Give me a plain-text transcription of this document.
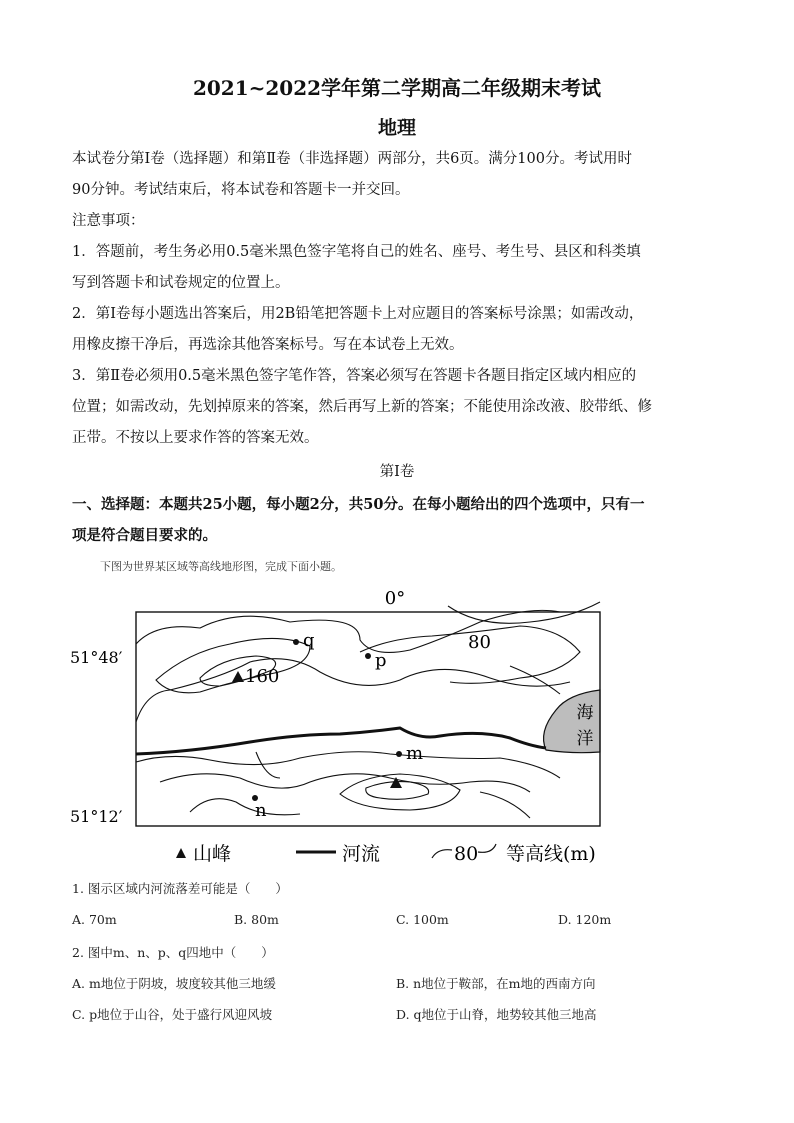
2021~2022学年第二学期高二年级期末考试
地理
本试卷分第Ⅰ卷（选择题）和第Ⅱ卷（非选择题）两部分，共6页。满分100分。考试用时
90分钟。考试结束后，将本试卷和答题卡一并交回。
注意事项：
1．答题前，考生务必用0.5毫米黑色签字笔将自己的姓名、座号、考生号、县区和科类填
写到答题卡和试卷规定的位置上。
2．第Ⅰ卷每小题选出答案后，用2B铅笔把答题卡上对应题目的答案标号涂黑；如需改动，
用橡皮擦干净后，再选涂其他答案标号。写在本试卷上无效。
3．第Ⅱ卷必须用0.5毫米黑色签字笔作答，答案必须写在答题卡各题目指定区域内相应的
位置；如需改动，先划掉原来的答案，然后再写上新的答案；不能使用涂改液、胶带纸、修
正带。不按以上要求作答的答案无效。
第Ⅰ卷
一、选择题：本题共25小题，每小题2分，共50分。在每小题给出的四个选项中，只有一
项是符合题目要求的。
下图为世界某区域等高线地形图，完成下面小题。
0°
51°48′
51°12′
海
洋
80
160
q
p
m
n
山峰	河流	80 等高线(m)
1. 图示区域内河流落差可能是（　　）
A. 70m	B. 80m	C. 100m	D. 120m
2. 图中m、n、p、q四地中（　　）
A. m地位于阴坡，坡度较其他三地缓	B. n地位于鞍部，在m地的西南方向
C. p地位于山谷，处于盛行风迎风坡	D. q地位于山脊，地势较其他三地高
